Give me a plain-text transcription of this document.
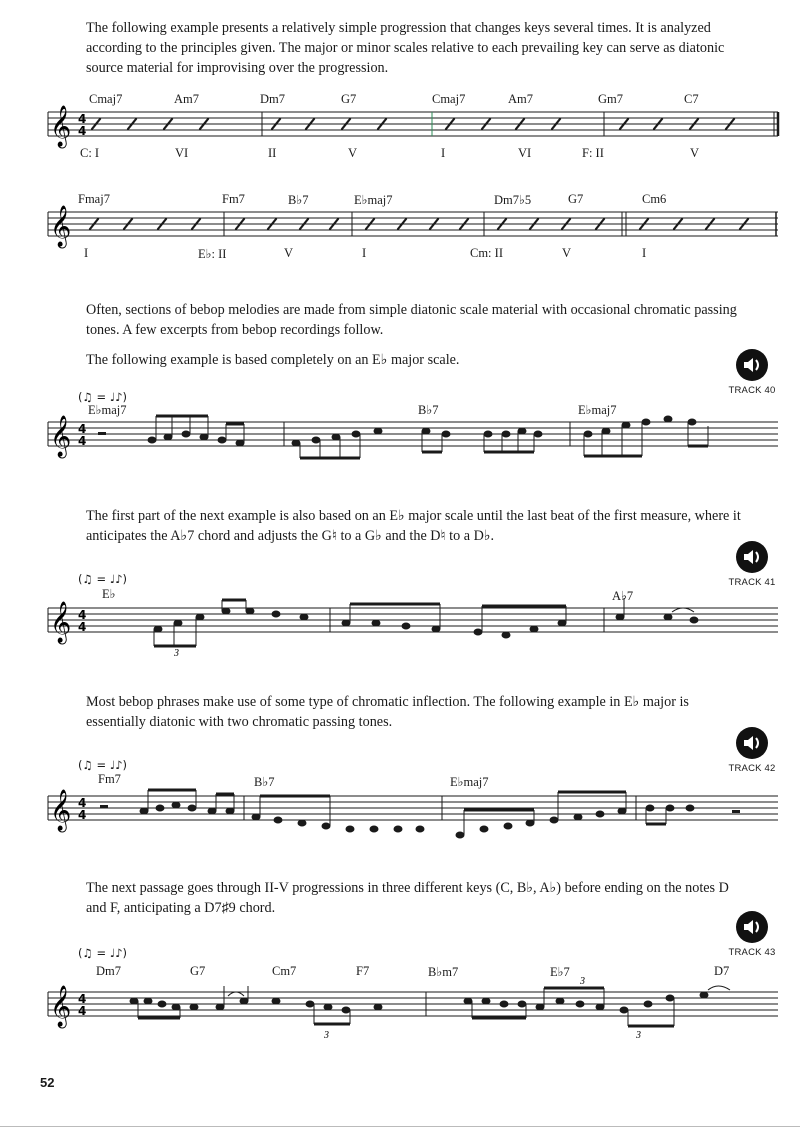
The following example presents a relatively simple progression that changes keys several times. It is analyzed according to the principles given. The major or minor scales relative to each prevailing key can serve as diatonic source material for improvising over the progression.

𝄞 4
4
Cmaj7	Am7	Dm7	G7	Cmaj7	Am7	Gm7	C7
C: I	VI	II	V	I	VI	F: II	V
𝄞
Fmaj7	Fm7	B♭7	E♭maj7	Dm7♭5	G7	Cm6
I	E♭: II	V	I	Cm: II	V	I

Often, sections of bebop melodies are made from simple diatonic scale material with occasional chromatic passing tones. A few excerpts from bebop recordings follow.

The following example is based completely on an E♭ major scale.

TRACK 40
(♫ = ♩♪)
E♭maj7	B♭7	E♭maj7
𝄞 4
4

The first part of the next example is also based on an E♭ major scale until the last beat of the first measure, where it anticipates the A♭7 chord and adjusts the G♮ to a G♭ and the D♮ to a D♭.

TRACK 41
(♫ = ♩♪)
E♭	A♭7
𝄞 4
4
3

Most bebop phrases make use of some type of chromatic inflection. The following example in E♭ major is essentially diatonic with two chromatic passing tones.

TRACK 42
(♫ = ♩♪)
Fm7	B♭7	E♭maj7
𝄞 4
4

The next passage goes through II-V progressions in three different keys (C, B♭, A♭) before ending on the notes D and F, anticipating a D7♯9 chord.

TRACK 43
(♫ = ♩♪)
Dm7	G7	Cm7	F7	B♭m7	E♭7	D7
𝄞 4
4
3
3
3
52
